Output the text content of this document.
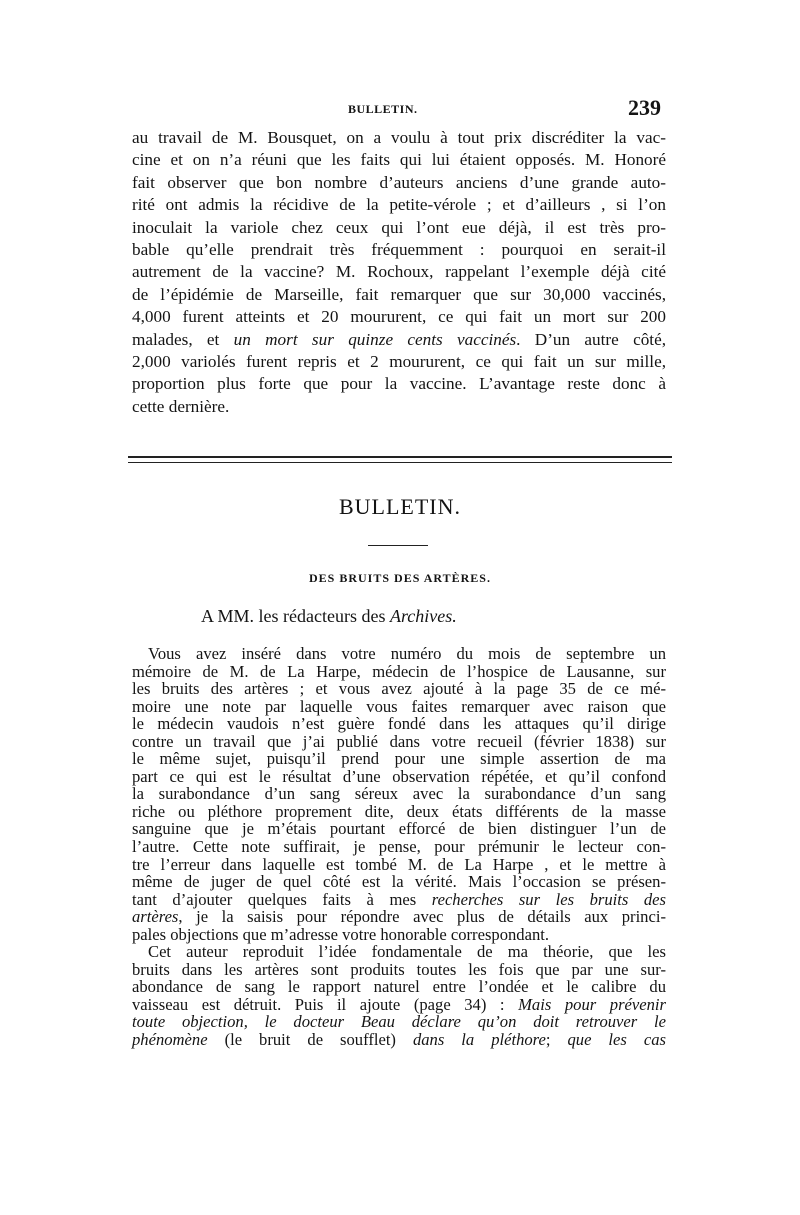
BULLETIN.	239
au travail de M. Bousquet, on a voulu à tout prix discréditer la vac-
cine et on n’a réuni que les faits qui lui étaient opposés. M. Honoré
fait observer que bon nombre d’auteurs anciens d’une grande auto-
rité ont admis la récidive de la petite-vérole ; et d’ailleurs , si l’on
inoculait la variole chez ceux qui l’ont eue déjà, il est très pro-
bable qu’elle prendrait très fréquemment : pourquoi en serait-il
autrement de la vaccine? M. Rochoux, rappelant l’exemple déjà cité
de l’épidémie de Marseille, fait remarquer que sur 30,000 vaccinés,
4,000 furent atteints et 20 moururent, ce qui fait un mort sur 200
malades, et un mort sur quinze cents vaccinés. D’un autre côté,
2,000 variolés furent repris et 2 moururent, ce qui fait un sur mille,
proportion plus forte que pour la vaccine. L’avantage reste donc à
cette dernière.
BULLETIN.
DES BRUITS DES ARTÈRES.
A MM. les rédacteurs des Archives.
Vous avez inséré dans votre numéro du mois de septembre un
mémoire de M. de La Harpe, médecin de l’hospice de Lausanne, sur
les bruits des artères ; et vous avez ajouté à la page 35 de ce mé-
moire une note par laquelle vous faites remarquer avec raison que
le médecin vaudois n’est guère fondé dans les attaques qu’il dirige
contre un travail que j’ai publié dans votre recueil (février 1838) sur
le même sujet, puisqu’il prend pour une simple assertion de ma
part ce qui est le résultat d’une observation répétée, et qu’il confond
la surabondance d’un sang séreux avec la surabondance d’un sang
riche ou pléthore proprement dite, deux états différents de la masse
sanguine que je m’étais pourtant efforcé de bien distinguer l’un de
l’autre. Cette note suffirait, je pense, pour prémunir le lecteur con-
tre l’erreur dans laquelle est tombé M. de La Harpe , et le mettre à
même de juger de quel côté est la vérité. Mais l’occasion se présen-
tant d’ajouter quelques faits à mes recherches sur les bruits des
artères, je la saisis pour répondre avec plus de détails aux princi-
pales objections que m’adresse votre honorable correspondant.
Cet auteur reproduit l’idée fondamentale de ma théorie, que les
bruits dans les artères sont produits toutes les fois que par une sur-
abondance de sang le rapport naturel entre l’ondée et le calibre du
vaisseau est détruit. Puis il ajoute (page 34) : Mais pour prévenir
toute objection, le docteur Beau déclare qu’on doit retrouver le
phénomène (le bruit de soufflet) dans la pléthore; que les cas
